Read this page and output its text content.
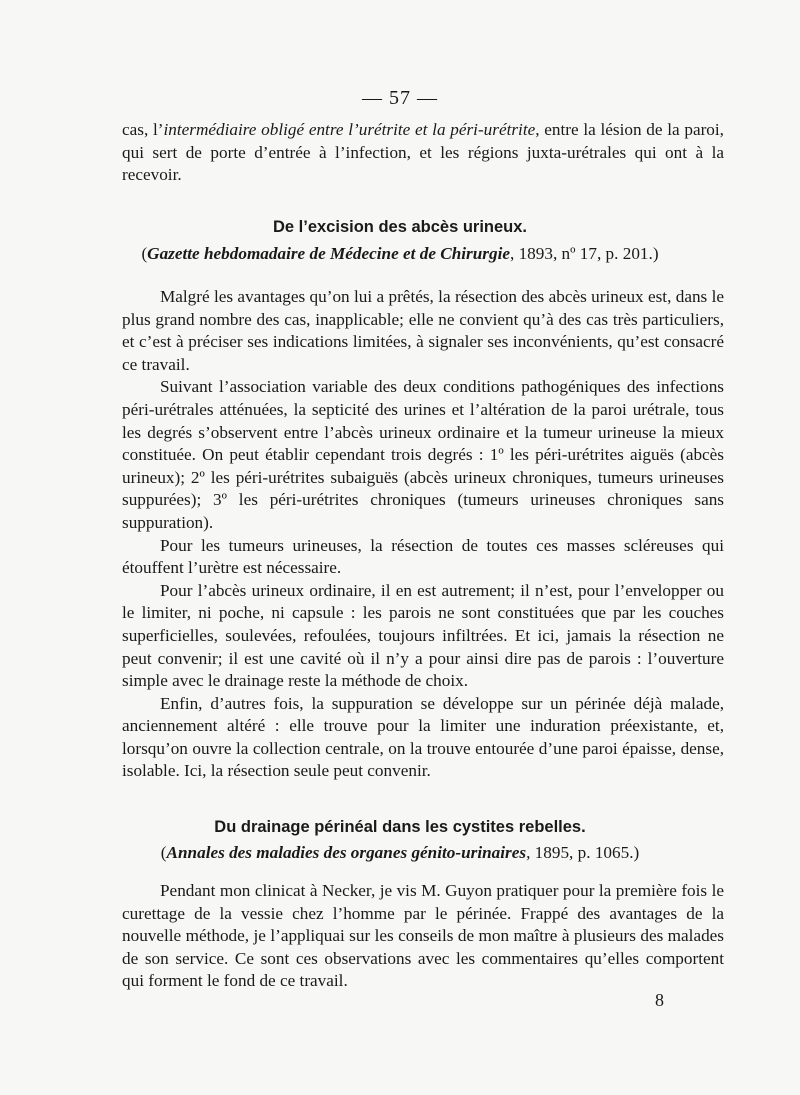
— 57 —

cas, l’intermédiaire obligé entre l’urétrite et la péri-urétrite, entre la lésion de la paroi, qui sert de porte d’entrée à l’infection, et les régions juxta-urétrales qui ont à la recevoir.

De l’excision des abcès urineux.
(Gazette hebdomadaire de Médecine et de Chirurgie, 1893, nº 17, p. 201.)

Malgré les avantages qu’on lui a prêtés, la résection des abcès urineux est, dans le plus grand nombre des cas, inapplicable; elle ne convient qu’à des cas très particuliers, et c’est à préciser ses indications limitées, à signaler ses inconvénients, qu’est consacré ce travail.

Suivant l’association variable des deux conditions pathogéniques des infections péri-urétrales atténuées, la septicité des urines et l’altération de la paroi urétrale, tous les degrés s’observent entre l’abcès urineux ordinaire et la tumeur urineuse la mieux constituée. On peut établir cependant trois degrés : 1º les péri-urétrites aiguës (abcès urineux); 2º les péri-urétrites subaiguës (abcès urineux chroniques, tumeurs urineuses suppurées); 3º les péri-urétrites chroniques (tumeurs urineuses chroniques sans suppuration).

Pour les tumeurs urineuses, la résection de toutes ces masses scléreuses qui étouffent l’urètre est nécessaire.

Pour l’abcès urineux ordinaire, il en est autrement; il n’est, pour l’envelopper ou le limiter, ni poche, ni capsule : les parois ne sont constituées que par les couches superficielles, soulevées, refoulées, toujours infiltrées. Et ici, jamais la résection ne peut convenir; il est une cavité où il n’y a pour ainsi dire pas de parois : l’ouverture simple avec le drainage reste la méthode de choix.

Enfin, d’autres fois, la suppuration se développe sur un périnée déjà malade, anciennement altéré : elle trouve pour la limiter une induration préexistante, et, lorsqu’on ouvre la collection centrale, on la trouve entourée d’une paroi épaisse, dense, isolable. Ici, la résection seule peut convenir.

Du drainage périnéal dans les cystites rebelles.
(Annales des maladies des organes génito-urinaires, 1895, p. 1065.)

Pendant mon clinicat à Necker, je vis M. Guyon pratiquer pour la première fois le curettage de la vessie chez l’homme par le périnée. Frappé des avantages de la nouvelle méthode, je l’appliquai sur les conseils de mon maître à plusieurs des malades de son service. Ce sont ces observations avec les commentaires qu’elles comportent qui forment le fond de ce travail.

8
